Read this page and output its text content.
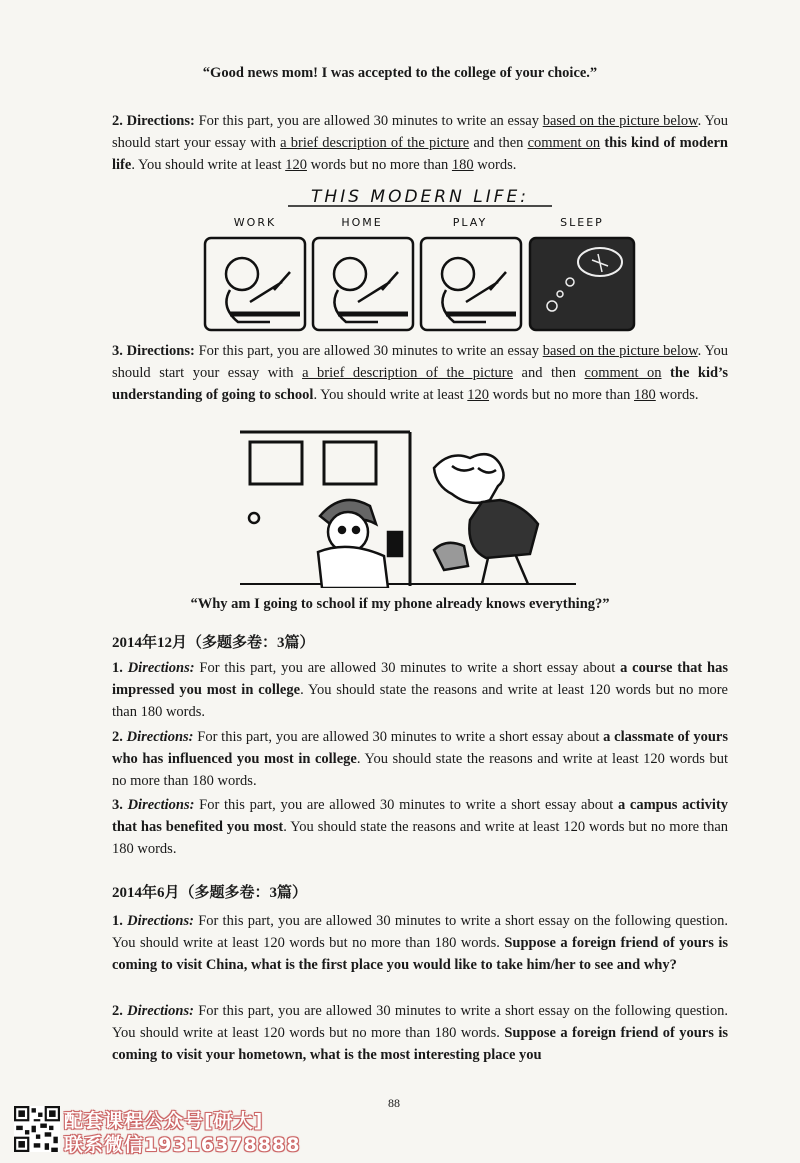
“Good news mom! I was accepted to the college of your choice.”
2. Directions: For this part, you are allowed 30 minutes to write an essay based on the picture below. You should start your essay with a brief description of the picture and then comment on this kind of modern life. You should write at least 120 words but no more than 180 words.
THIS MODERN LIFE:
WORK	HOME	PLAY	SLEEP
3. Directions: For this part, you are allowed 30 minutes to write an essay based on the picture below. You should start your essay with a brief description of the picture and then comment on the kid’s understanding of going to school. You should write at least 120 words but no more than 180 words.
“Why am I going to school if my phone already knows everything?”
2014年12月（多题多卷：3篇）
1. Directions: For this part, you are allowed 30 minutes to write a short essay about a course that has impressed you most in college. You should state the reasons and write at least 120 words but no more than 180 words.
2. Directions: For this part, you are allowed 30 minutes to write a short essay about a classmate of yours who has influenced you most in college. You should state the reasons and write at least 120 words but no more than 180 words.
3. Directions: For this part, you are allowed 30 minutes to write a short essay about a campus activity that has benefited you most. You should state the reasons and write at least 120 words but no more than 180 words.
2014年6月（多题多卷：3篇）
1. Directions: For this part, you are allowed 30 minutes to write a short essay on the following question. You should write at least 120 words but no more than 180 words. Suppose a foreign friend of yours is coming to visit China, what is the first place you would like to take him/her to see and why?
2. Directions: For this part, you are allowed 30 minutes to write a short essay on the following question. You should write at least 120 words but no more than 180 words. Suppose a foreign friend of yours is coming to visit your hometown, what is the most interesting place you
88
配套课程公众号[研大]
联系微信19316378888
